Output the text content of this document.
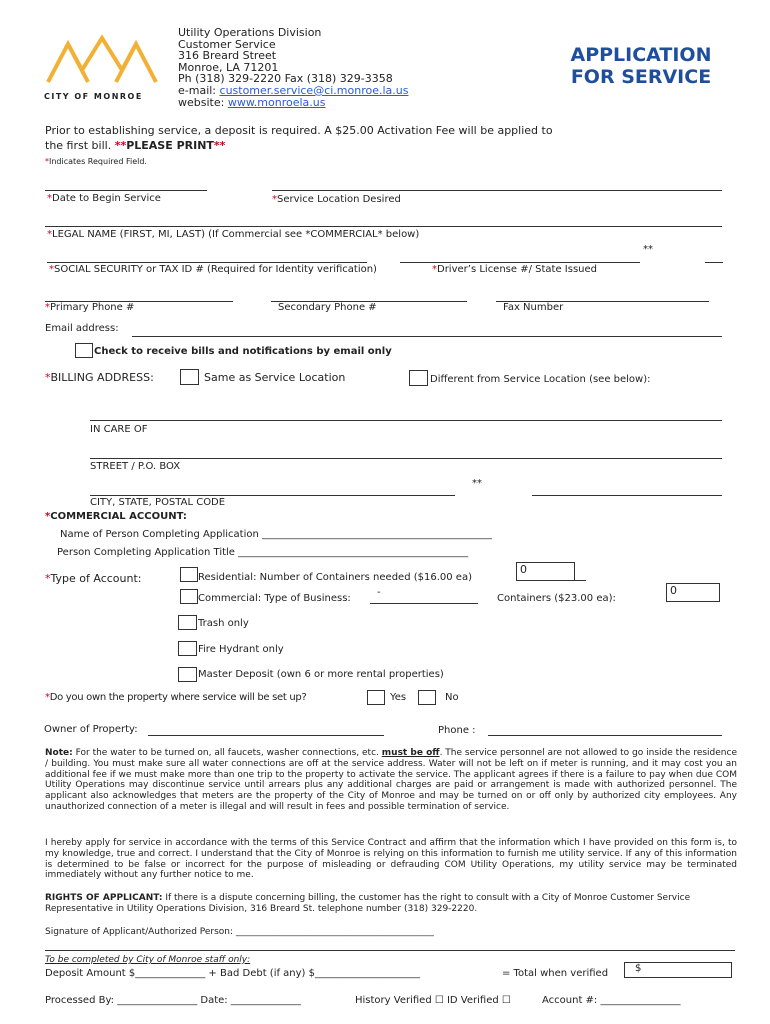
CITY OF MONROE
Utility Operations Division
Customer Service
316 Breard Street
Monroe, LA 71201
Ph (318) 329-2220 Fax (318) 329-3358
e-mail: customer.service@ci.monroe.la.us
website: www.monroela.us
APPLICATION
FOR SERVICE
Prior to establishing service, a deposit is required. A $25.00 Activation Fee will be applied to
the first bill. **PLEASE PRINT**
*Indicates Required Field.
*Date to Begin Service	*Service Location Desired
*LEGAL NAME (FIRST, MI, LAST) (If Commercial see *COMMERCIAL* below)
**
*SOCIAL SECURITY or TAX ID # (Required for Identity verification)	*Driver’s License #/ State Issued
*Primary Phone #	Secondary Phone #	Fax Number
Email address:
Check to receive bills and notifications by email only
*BILLING ADDRESS:	Same as Service Location	Different from Service Location (see below):
IN CARE OF
STREET / P.O. BOX
**
CITY, STATE, POSTAL CODE
*COMMERCIAL ACCOUNT:
Name of Person Completing Application ______________________________________________
Person Completing Application Title ______________________________________________
*Type of Account:	Residential: Number of Containers needed ($16.00 ea)
0
Commercial: Type of Business:
-
Containers ($23.00 ea):
0
Trash only
Fire Hydrant only
Master Deposit (own 6 or more rental properties)
*Do you own the property where service will be set up?	Yes	No
Owner of Property:	Phone :
Note: For the water to be turned on, all faucets, washer connections, etc. must be off. The service personnel are not allowed to go inside the residence / building. You must make sure all water connections are off at the service address. Water will not be left on if meter is running, and it may cost you an additional fee if we must make more than one trip to the property to activate the service. The applicant agrees if there is a failure to pay when due COM Utility Operations may discontinue service until arrears plus any additional charges are paid or arrangement is made with authorized personnel. The applicant also acknowledges that meters are the property of the City of Monroe and may be turned on or off only by authorized city employees. Any unauthorized connection of a meter is illegal and will result in fees and possible termination of service.
I hereby apply for service in accordance with the terms of this Service Contract and affirm that the information which I have provided on this form is, to my knowledge, true and correct. I understand that the City of Monroe is relying on this information to furnish me utility service. If any of this information is determined to be false or incorrect for the purpose of misleading or defrauding COM Utility Operations, my utility service may be terminated immediately without any further notice to me.
RIGHTS OF APPLICANT: If there is a dispute concerning billing, the customer has the right to consult with a City of Monroe Customer Service Representative in Utility Operations Division, 316 Breard St. telephone number (318) 329-2220.
Signature of Applicant/Authorized Person: ____________________________________________
To be completed by City of Monroe staff only:
Deposit Amount $______________ + Bad Debt (if any) $_____________________	= Total when verified	$
Processed By: ________________ Date: ______________	History Verified ☐ ID Verified ☐	Account #: ________________
